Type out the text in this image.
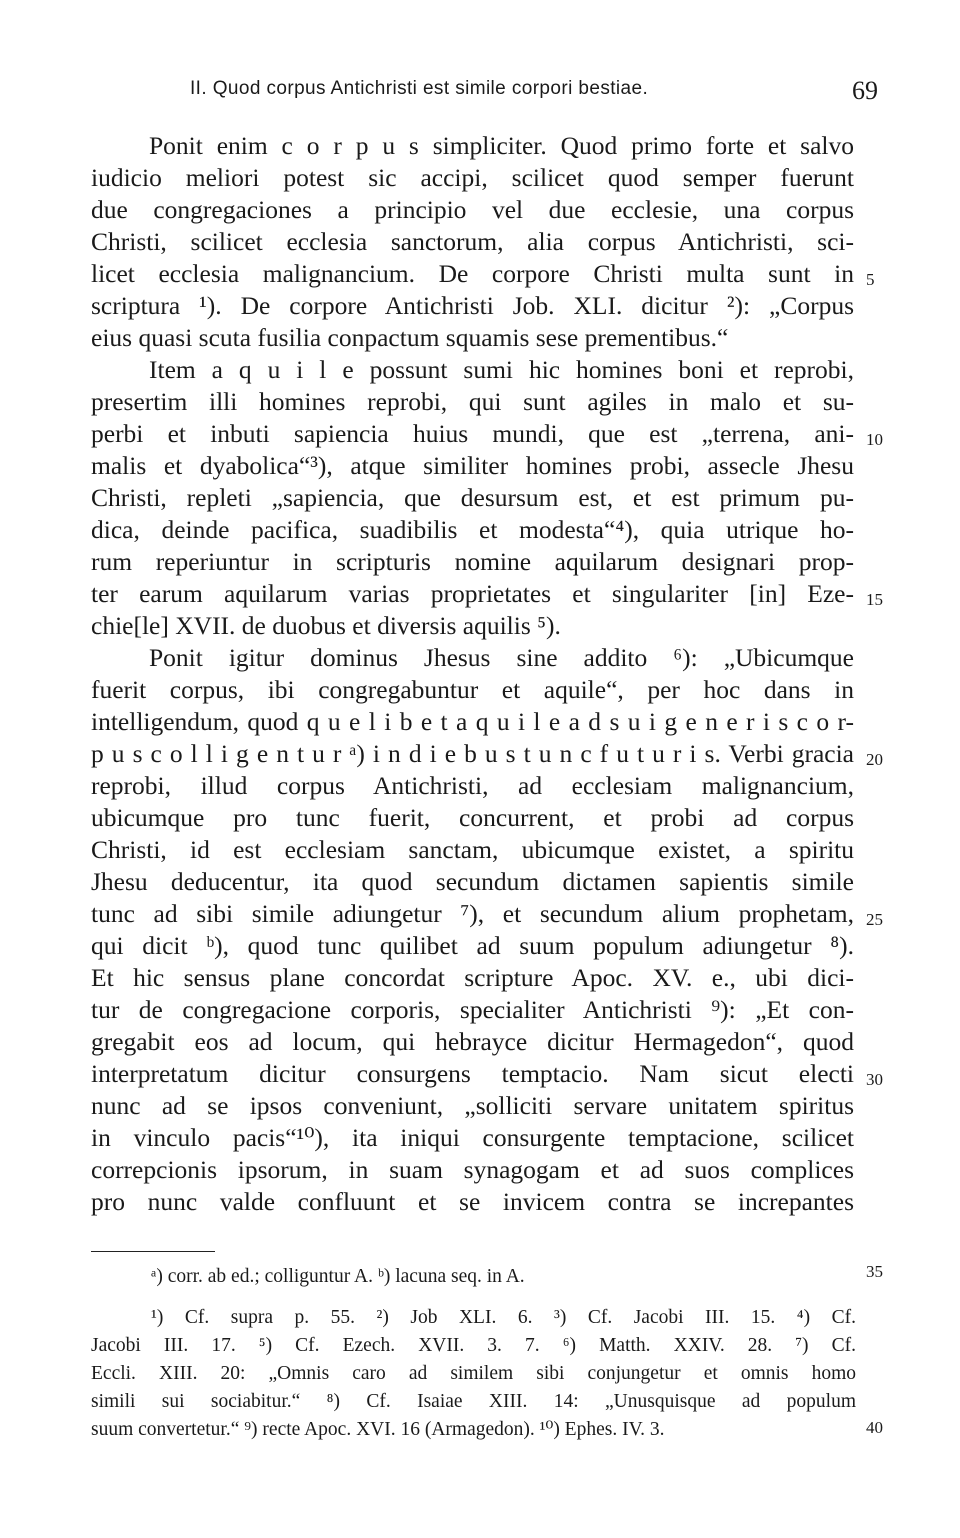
II. Quod corpus Antichristi est simile corpori bestiae.	69
Ponit enim c o r p u s simpliciter. Quod primo forte et salvo
iudicio meliori potest sic accipi, scilicet quod semper fuerunt
due congregaciones a principio vel due ecclesie, una corpus
Christi, scilicet ecclesia sanctorum, alia corpus Antichristi, sci-
licet ecclesia malignancium. De corpore Christi multa sunt in
scriptura ¹). De corpore Antichristi Job. XLI. dicitur ²): „Corpus
eius quasi scuta fusilia conpactum squamis sese prementibus.“
Item a q u i l e possunt sumi hic homines boni et reprobi,
presertim illi homines reprobi, qui sunt agiles in malo et su-
perbi et inbuti sapiencia huius mundi, que est „terrena, ani-
malis et dyabolica“³), atque similiter homines probi, assecle Jhesu
Christi, repleti „sapiencia, que desursum est, et est primum pu-
dica, deinde pacifica, suadibilis et modesta“⁴), quia utrique ho-
rum reperiuntur in scripturis nomine aquilarum designari prop-
ter earum aquilarum varias proprietates et singulariter [in] Eze-
chie[le] XVII. de duobus et diversis aquilis ⁵).
Ponit igitur dominus Jhesus sine addito ⁶): „Ubicumque
fuerit corpus, ibi congregabuntur et aquile“, per hoc dans in
intelligendum, quod q u e l i b e t a q u i l e a d s u i g e n e r i s c o r-
p u s c o l l i g e n t u r ᵃ) i n d i e b u s t u n c f u t u r i s. Verbi gracia
reprobi, illud corpus Antichristi, ad ecclesiam malignancium,
ubicumque pro tunc fuerit, concurrent, et probi ad corpus
Christi, id est ecclesiam sanctam, ubicumque existet, a spiritu
Jhesu deducentur, ita quod secundum dictamen sapientis simile
tunc ad sibi simile adiungetur ⁷), et secundum alium prophetam,
qui dicit ᵇ), quod tunc quilibet ad suum populum adiungetur ⁸).
Et hic sensus plane concordat scripture Apoc. XV. e., ubi dici-
tur de congregacione corporis, specialiter Antichristi ⁹): „Et con-
gregabit eos ad locum, qui hebrayce dicitur Hermagedon“, quod
interpretatum dicitur consurgens temptacio. Nam sicut electi
nunc ad se ipsos conveniunt, „solliciti servare unitatem spiritus
in vinculo pacis“¹⁰), ita iniqui consurgente temptacione, scilicet
correpcionis ipsorum, in suam synagogam et ad suos complices
pro nunc valde confluunt et se invicem contra se increpantes
5
10
15
20
25
30
35
40
ᵃ) corr. ab ed.; colliguntur A. ᵇ) lacuna seq. in A.
¹) Cf. supra p. 55. ²) Job XLI. 6. ³) Cf. Jacobi III. 15. ⁴) Cf.
Jacobi III. 17. ⁵) Cf. Ezech. XVII. 3. 7. ⁶) Matth. XXIV. 28. ⁷) Cf.
Eccli. XIII. 20: „Omnis caro ad similem sibi conjungetur et omnis homo
simili sui sociabitur.“ ⁸) Cf. Isaiae XIII. 14: „Unusquisque ad populum
suum convertetur.“ ⁹) recte Apoc. XVI. 16 (Armagedon). ¹⁰) Ephes. IV. 3.
